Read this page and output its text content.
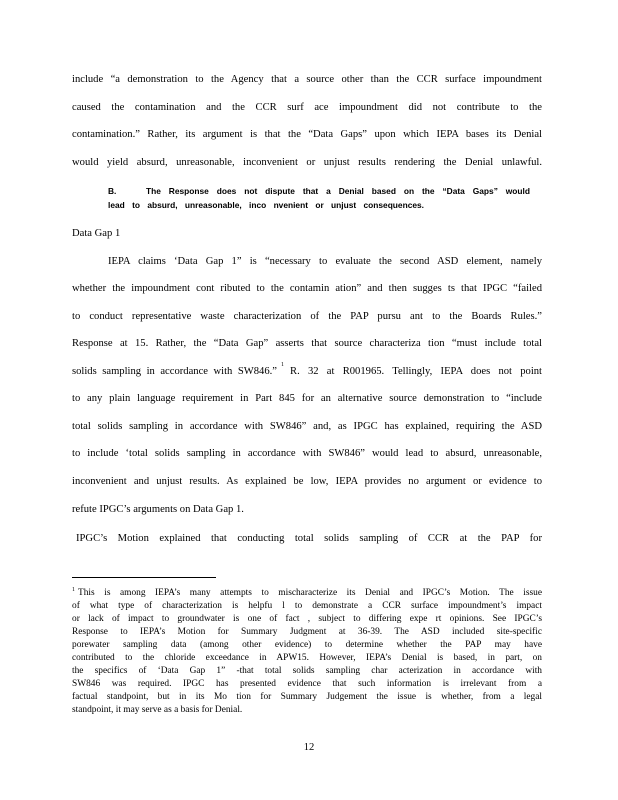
include “a demonstration to the Agency that a source other than the CCR surface impoundment
caused the contamination and the CCR surf ace impoundment did not contribute to the
contamination.” Rather, its argument is that the “Data Gaps” upon which IEPA bases its Denial
would yield absurd, unreasonable, inconvenient or unjust results rendering the Denial unlawful.
B.	The Response does not dispute that a Denial based on the “Data Gaps” would
lead to absurd, unreasonable, inco nvenient or unjust consequences.
Data Gap 1
IEPA claims ‘Data Gap 1” is “necessary to evaluate the second ASD element, namely
whether the impoundment cont ributed to the contamin ation” and then sugges ts that IPGC “failed
to conduct representative waste characterization of the PAP pursu ant to the Boards Rules.”
Response at 15. Rather, the “Data Gap” asserts that source characteriza tion “must include total
solids sampling in accordance with SW846.”
1
R. 32 at R001965. Tellingly, IEPA does not point
to any plain language requirement in Part 845 for an alternative source demonstration to “include
total solids sampling in accordance with SW846” and, as IPGC has explained, requiring the ASD
to include ‘total solids sampling in accordance with SW846” would lead to absurd, unreasonable,
inconvenient and unjust results. As explained be low, IEPA provides no argument or evidence to
refute IPGC’s arguments on Data Gap 1.
IPGC’s Motion explained that conducting total solids sampling of CCR at the PAP for
1 This is among IEPA’s many attempts to mischaracterize its Denial and IPGC’s Motion. The issue
of what type of characterization is helpfu l to demonstrate a CCR surface impoundment’s impact
or lack of impact to groundwater is one of fact , subject to differing expe rt opinions. See IPGC’s
Response to IEPA’s Motion for Summary Judgment at 36-39. The ASD included site-specific
porewater sampling data (among other evidence) to determine whether the PAP may have
contributed to the chloride exceedance in APW15. However, IEPA’s Denial is based, in part, on
the specifics of ‘Data Gap 1” -that total solids sampling char acterization in accordance with
SW846 was required. IPGC has presented evidence that such information is irrelevant from a
factual standpoint, but in its Mo tion for Summary Judgement the issue is whether, from a legal
standpoint, it may serve as a basis for Denial.
12
